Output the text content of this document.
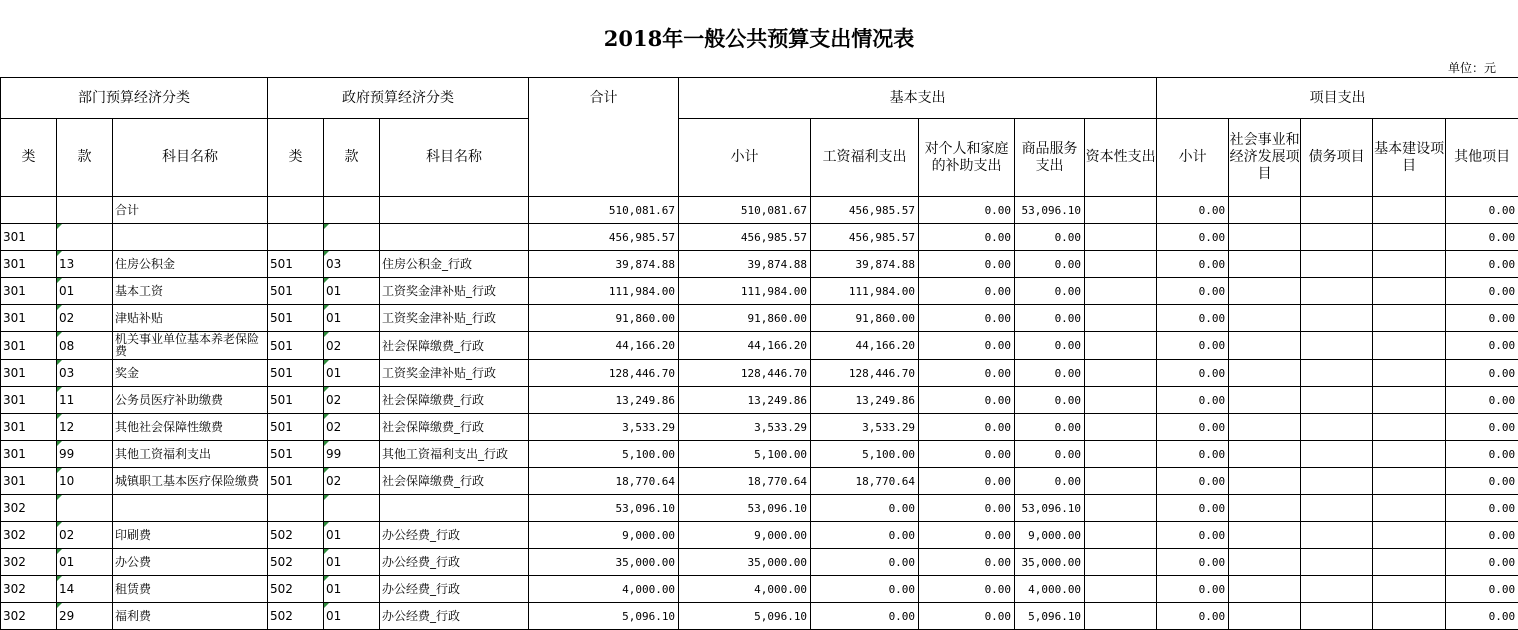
2018年一般公共预算支出情况表
单位：元
部门预算经济分类			政府预算经济分类			合计	基本支出					项目支出				
类	款	科目名称	类	款	科目名称		小计	工资福利支出	对个人和家庭的补助支出	商品服务支出	资本性支出	小计	社会事业和经济发展项目	债务项目	基本建设项目	其他项目
		合计				510,081.67	510,081.67	456,985.57	0.00	53,096.10		0.00				0.00
301						456,985.57	456,985.57	456,985.57	0.00	0.00		0.00				0.00
301	13	住房公积金	501	03	住房公积金_行政	39,874.88	39,874.88	39,874.88	0.00	0.00		0.00				0.00
301	01	基本工资	501	01	工资奖金津补贴_行政	111,984.00	111,984.00	111,984.00	0.00	0.00		0.00				0.00
301	02	津贴补贴	501	01	工资奖金津补贴_行政	91,860.00	91,860.00	91,860.00	0.00	0.00		0.00				0.00
301	08	机关事业单位基本养老保险费	501	02	社会保障缴费_行政	44,166.20	44,166.20	44,166.20	0.00	0.00		0.00				0.00
301	03	奖金	501	01	工资奖金津补贴_行政	128,446.70	128,446.70	128,446.70	0.00	0.00		0.00				0.00
301	11	公务员医疗补助缴费	501	02	社会保障缴费_行政	13,249.86	13,249.86	13,249.86	0.00	0.00		0.00				0.00
301	12	其他社会保障性缴费	501	02	社会保障缴费_行政	3,533.29	3,533.29	3,533.29	0.00	0.00		0.00				0.00
301	99	其他工资福利支出	501	99	其他工资福利支出_行政	5,100.00	5,100.00	5,100.00	0.00	0.00		0.00				0.00
301	10	城镇职工基本医疗保险缴费	501	02	社会保障缴费_行政	18,770.64	18,770.64	18,770.64	0.00	0.00		0.00				0.00
302						53,096.10	53,096.10	0.00	0.00	53,096.10		0.00				0.00
302	02	印刷费	502	01	办公经费_行政	9,000.00	9,000.00	0.00	0.00	9,000.00		0.00				0.00
302	01	办公费	502	01	办公经费_行政	35,000.00	35,000.00	0.00	0.00	35,000.00		0.00				0.00
302	14	租赁费	502	01	办公经费_行政	4,000.00	4,000.00	0.00	0.00	4,000.00		0.00				0.00
302	29	福利费	502	01	办公经费_行政	5,096.10	5,096.10	0.00	0.00	5,096.10		0.00				0.00
